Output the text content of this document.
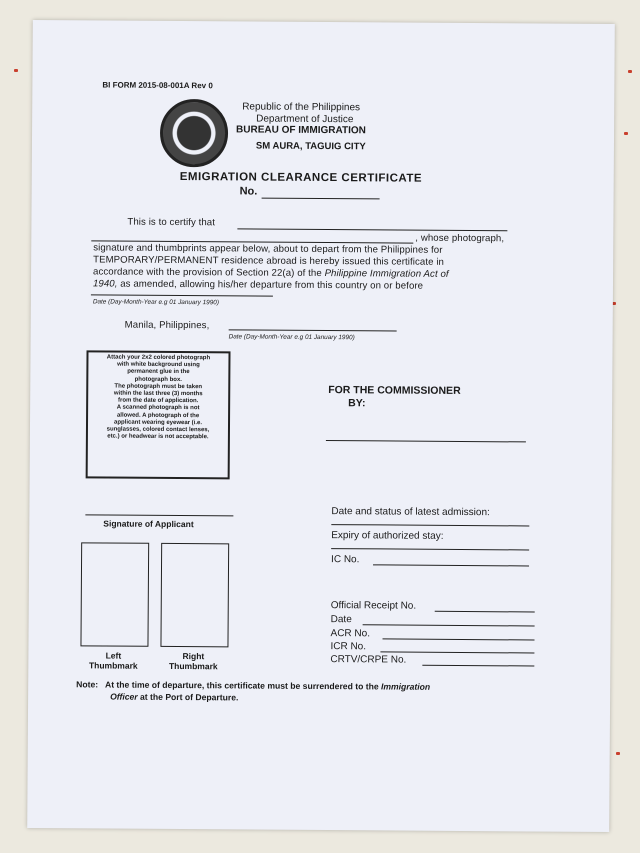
BI FORM 2015-08-001A Rev 0
Republic of the Philippines
Department of Justice
BUREAU OF IMMIGRATION
SM AURA, TAGUIG CITY
EMIGRATION CLEARANCE CERTIFICATE
No.
This is to certify that
, whose photograph,
signature and thumbprints appear below, about to depart from the Philippines for
TEMPORARY/PERMANENT residence abroad is hereby issued this certificate in
accordance with the provision of Section 22(a) of the Philippine Immigration Act of
1940, as amended, allowing his/her departure from this country on or before
Date (Day-Month-Year e.g 01 January 1990)
Manila, Philippines,
Date (Day-Month-Year e.g 01 January 1990)
Attach your 2x2 colored photograph
with white background using
permanent glue in the
photograph box.
The photograph must be taken
within the last three (3) months
from the date of application.
A scanned photograph is not
allowed. A photograph of the
applicant wearing eyewear (i.e.
sunglasses, colored contact lenses,
etc.) or headwear is not acceptable.
FOR THE COMMISSIONER
BY:
Signature of Applicant
Left
Thumbmark
Right
Thumbmark
Date and status of latest admission:
Expiry of authorized stay:
IC No.
Official Receipt No.
Date
ACR No.
ICR No.
CRTV/CRPE No.
Note: At the time of departure, this certificate must be surrendered to the Immigration
Officer at the Port of Departure.
